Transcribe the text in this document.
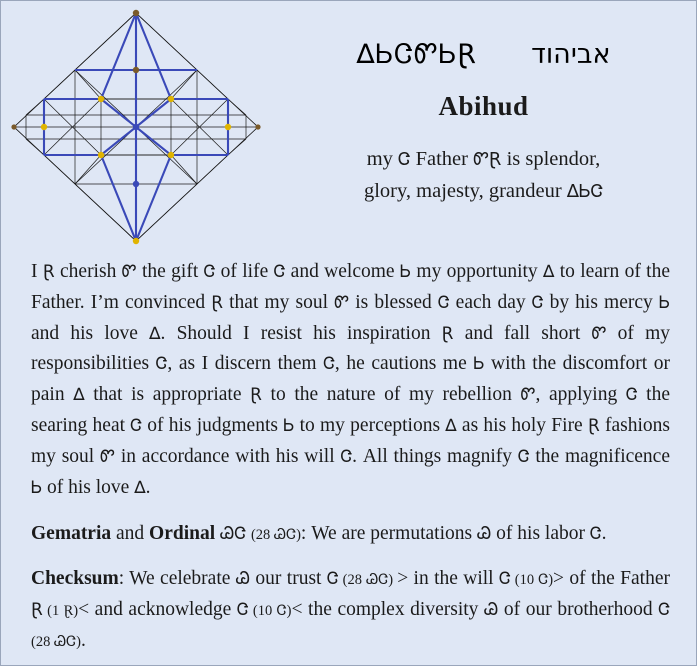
∆ᏏᏣᏛᏏⱤ אביהוד
Abihud
my Ꮳ Father ᏛⱤ is splendor,
glory, majesty, grandeur ∆ᏏᏣ

I Ɽ cherish Ꮫ the gift Ꮳ of life Ꮳ and welcome Ꮟ my opportunity ∆ to learn of the Father. I’m convinced Ɽ that my soul Ꮫ is blessed Ꮳ each day Ꮳ by his mercy Ꮟ and his love ∆. Should I resist his inspiration Ɽ and fall short Ꮫ of my responsibilities Ꮳ, as I discern them Ꮳ, he cautions me Ꮟ with the discomfort or pain ∆ that is appropriate Ɽ to the nature of my rebellion Ꮫ, applying Ꮳ the searing heat Ꮳ of his judgments Ꮟ to my perceptions ∆ as his holy Fire Ɽ fashions my soul Ꮫ in accordance with his will Ꮳ. All things magnify Ꮳ the magnificence Ꮟ of his love ∆.

Gematria and Ordinal ᏊᏣ (28 ᏊᏣ): We are permutations Ꮚ of his labor Ꮳ.

Checksum: We celebrate Ꮚ our trust Ꮳ (28 ᏊᏣ) > in the will Ꮳ (10 Ꮳ)> of the Father Ɽ (1 Ɽ)< and acknowledge Ꮳ (10 Ꮳ)< the complex diversity Ꮚ of our brotherhood Ꮳ (28 ᏊᏣ).
